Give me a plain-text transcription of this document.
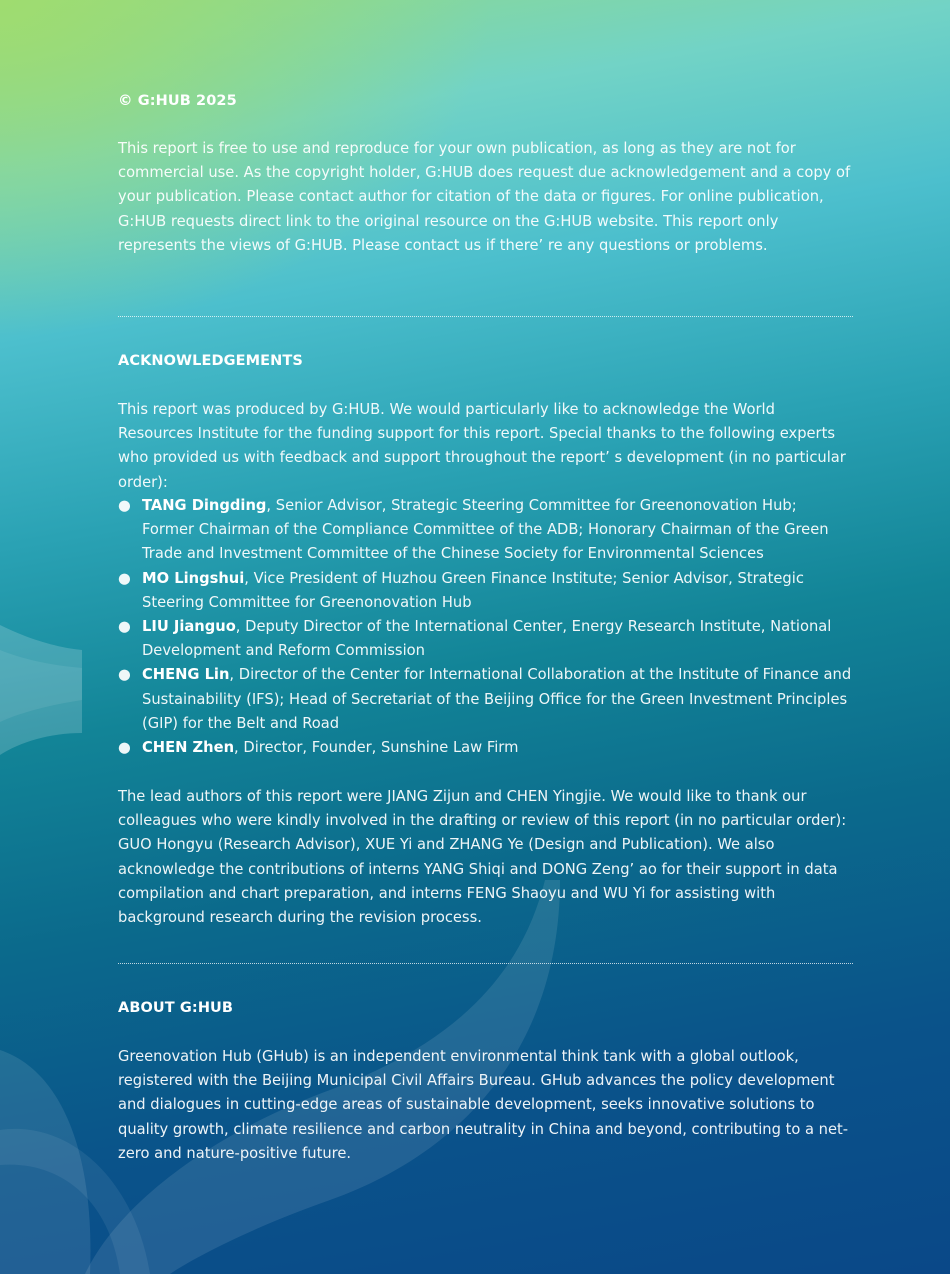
© G:HUB 2025
This report is free to use and reproduce for your own publication, as long as they are not for commercial use. As the copyright holder, G:HUB does request due acknowledgement and a copy of your publication. Please contact author for citation of the data or figures. For online publication, G:HUB requests direct link to the original resource on the G:HUB website. This report only represents the views of G:HUB. Please contact us if there’ re any questions or problems.
ACKNOWLEDGEMENTS
This report was produced by G:HUB. We would particularly like to acknowledge the World Resources Institute for the funding support for this report. Special thanks to the following experts who provided us with feedback and support throughout the report’ s development (in no particular order):
● TANG Dingding, Senior Advisor, Strategic Steering Committee for Greenonovation Hub; Former Chairman of the Compliance Committee of the ADB; Honorary Chairman of the Green Trade and Investment Committee of the Chinese Society for Environmental Sciences
● MO Lingshui, Vice President of Huzhou Green Finance Institute; Senior Advisor, Strategic Steering Committee for Greenonovation Hub
● LIU Jianguo, Deputy Director of the International Center, Energy Research Institute, National Development and Reform Commission
● CHENG Lin, Director of the Center for International Collaboration at the Institute of Finance and Sustainability (IFS); Head of Secretariat of the Beijing Office for the Green Investment Principles (GIP) for the Belt and Road
● CHEN Zhen, Director, Founder, Sunshine Law Firm
The lead authors of this report were JIANG Zijun and CHEN Yingjie. We would like to thank our colleagues who were kindly involved in the drafting or review of this report (in no particular order): GUO Hongyu (Research Advisor), XUE Yi and ZHANG Ye (Design and Publication). We also acknowledge the contributions of interns YANG Shiqi and DONG Zeng’ ao for their support in data compilation and chart preparation, and interns FENG Shaoyu and WU Yi for assisting with background research during the revision process.
ABOUT G:HUB
Greenovation Hub (GHub) is an independent environmental think tank with a global outlook, registered with the Beijing Municipal Civil Affairs Bureau. GHub advances the policy development and dialogues in cutting-edge areas of sustainable development, seeks innovative solutions to quality growth, climate resilience and carbon neutrality in China and beyond, contributing to a net-zero and nature-positive future.
